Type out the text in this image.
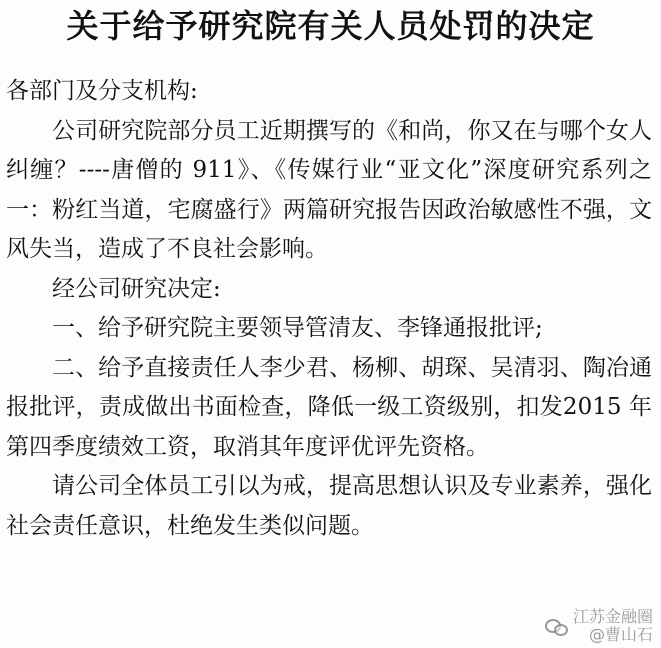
关于给予研究院有关人员处罚的决定

各部门及分支机构:

公司研究院部分员工近期撰写的《和尚，你又在与哪个女人纠缠？----唐僧的 911》、《传媒行业“亚文化”深度研究系列之一：粉红当道，宅腐盛行》两篇研究报告因政治敏感性不强，文风失当，造成了不良社会影响。

经公司研究决定:

一、给予研究院主要领导管清友、李锋通报批评;

二、给予直接责任人李少君、杨柳、胡琛、吴清羽、陶冶通报批评，责成做出书面检查，降低一级工资级别，扣发2015 年第四季度绩效工资，取消其年度评优评先资格。

请公司全体员工引以为戒，提高思想认识及专业素养，强化社会责任意识，杜绝发生类似问题。

江苏金融圈
@曹山石
